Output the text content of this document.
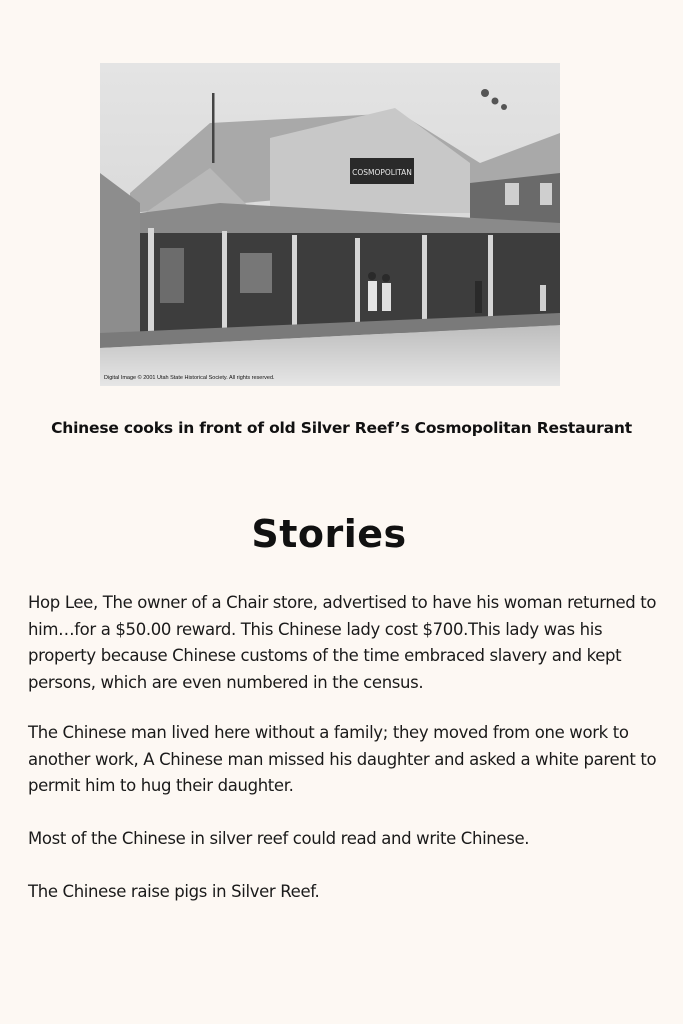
COSMOPOLITAN
Digital Image © 2001 Utah State Historical Society. All rights reserved.
Chinese cooks in front of old Silver Reef’s Cosmopolitan Restaurant
Stories

Hop Lee, The owner of a Chair store, advertised to have his woman returned to him…for a $50.00 reward. This Chinese lady cost $700.This lady was his property because Chinese customs of the time embraced slavery and kept persons, which are even numbered in the census.

The Chinese man lived here without a family; they moved from one work to another work, A Chinese man missed his daughter and asked a white parent to permit him to hug their daughter.

Most of the Chinese in silver reef could read and write Chinese.

The Chinese raise pigs in Silver Reef.
